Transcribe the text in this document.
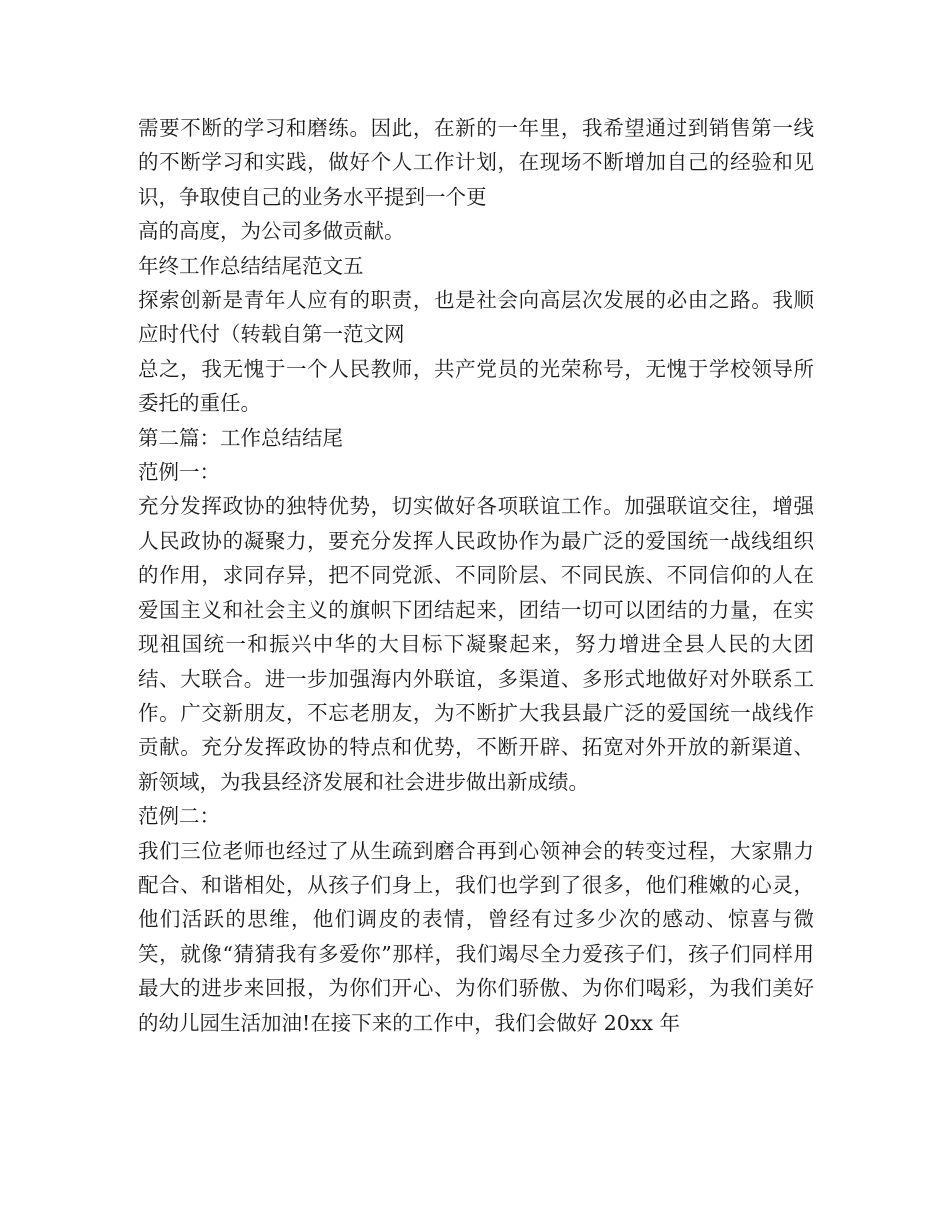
需要不断的学习和磨练。因此，在新的一年里，我希望通过到销售第一线的不断学习和实践，做好个人工作计划，在现场不断增加自己的经验和见识，争取使自己的业务水平提到一个更

高的高度，为公司多做贡献。

年终工作总结结尾范文五

探索创新是青年人应有的职责，也是社会向高层次发展的必由之路。我顺应时代付（转载自第一范文网

总之，我无愧于一个人民教师，共产党员的光荣称号，无愧于学校领导所委托的重任。

第二篇：工作总结结尾

范例一：

充分发挥政协的独特优势，切实做好各项联谊工作。加强联谊交往，增强人民政协的凝聚力，要充分发挥人民政协作为最广泛的爱国统一战线组织的作用，求同存异，把不同党派、不同阶层、不同民族、不同信仰的人在爱国主义和社会主义的旗帜下团结起来，团结一切可以团结的力量，在实现祖国统一和振兴中华的大目标下凝聚起来，努力增进全县人民的大团结、大联合。进一步加强海内外联谊，多渠道、多形式地做好对外联系工作。广交新朋友，不忘老朋友，为不断扩大我县最广泛的爱国统一战线作贡献。充分发挥政协的特点和优势，不断开辟、拓宽对外开放的新渠道、新领域，为我县经济发展和社会进步做出新成绩。

范例二：

我们三位老师也经过了从生疏到磨合再到心领神会的转变过程，大家鼎力配合、和谐相处，从孩子们身上，我们也学到了很多，他们稚嫩的心灵，他们活跃的思维，他们调皮的表情，曾经有过多少次的感动、惊喜与微笑，就像“猜猜我有多爱你”那样，我们竭尽全力爱孩子们，孩子们同样用最大的进步来回报，为你们开心、为你们骄傲、为你们喝彩，为我们美好的幼儿园生活加油!在接下来的工作中，我们会做好 20xx 年
